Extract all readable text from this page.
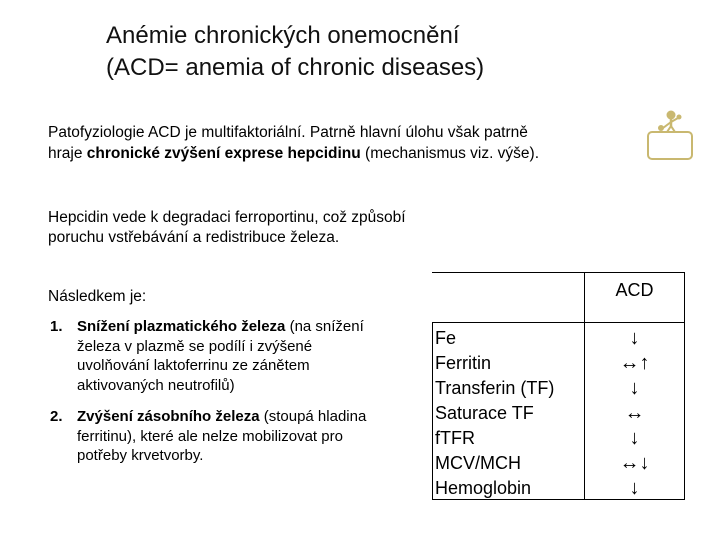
Anémie chronických onemocnění
(ACD= anemia of chronic diseases)
Patofyziologie ACD je multifaktoriální. Patrně hlavní úlohu však patrně
hraje chronické zvýšení exprese hepcidinu (mechanismus viz. výše).
Hepcidin vede k degradaci ferroportinu, což způsobí poruchu vstřebávání a redistribuce železa.
Následkem je:
1. Snížení plazmatického železa (na snížení železa v plazmě se podílí i zvýšené uvolňování laktoferrinu ze zánětem aktivovaných neutrofilů)
2. Zvýšení zásobního železa (stoupá hladina ferritinu), které ale nelze mobilizovat pro potřeby krvetvorby.
ACD
Fe
Ferritin
Transferin (TF)
Saturace TF
fTFR
MCV/MCH
Hemoglobin
↓
↔↑
↓
↔
↓
↔↓
↓
